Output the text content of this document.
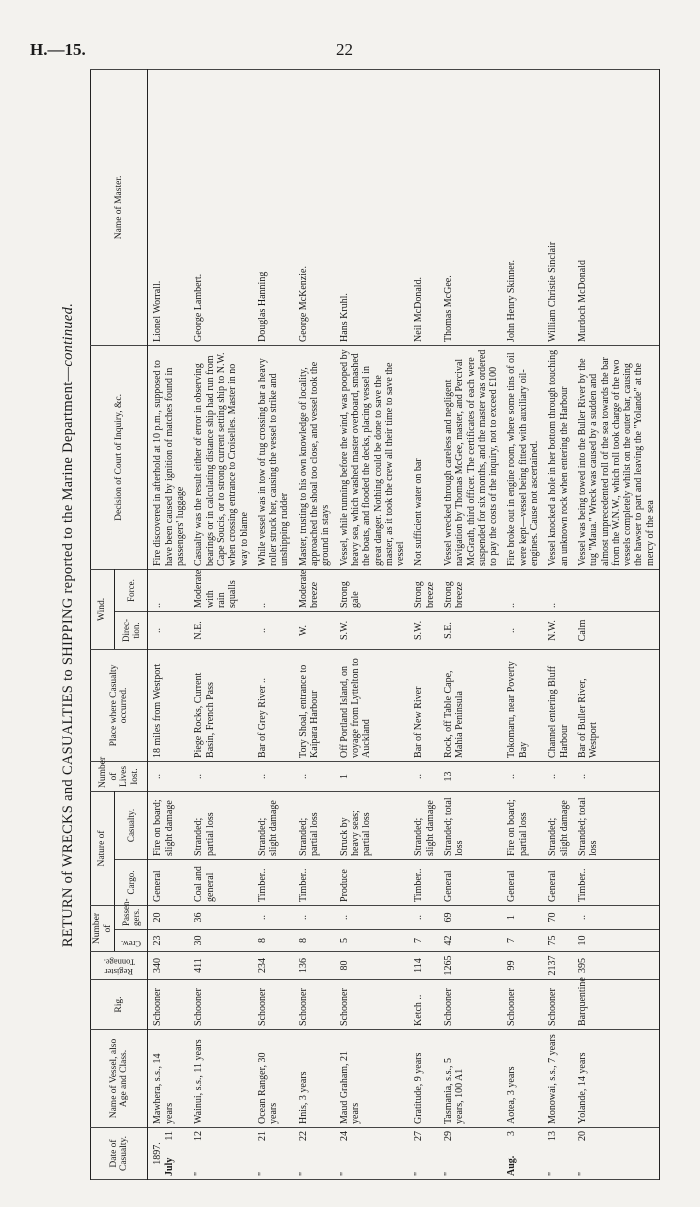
H.—15.	22
RETURN of WRECKS and CASUALTIES to SHIPPING reported to the Marine Department—continued.
Date of Casualty.	Name of Vessel, also Age and Class.	Rig.	Register Tonnage.	Number of		Nature of		Number of Lives lost.	Place where Casualty occurred.	Wind.		Decision of Court of Inquiry, &c.	Name of Master.

				Crew.	Passen-gers.	Cargo.	Casualty.			Direc-tion.	Force.		

1897.
July
11	Mawhera, s.s., 14 years	Schooner	340	23	20	General	Fire on board; slight damage	..	18 miles from Westport	..	..	Fire discovered in afterhold at 10 p.m., supposed to have been caused by ignition of matches found in passengers' luggage	Lionel Worrall.

"
12	Wainui, s.s., 11 years	Schooner	411	30	36	Coal and general	Stranded; partial loss	..	Piege Rocks, Current Basin, French Pass	N.E.	Moderate with rain squalls	Casualty was the result either of error in observing bearings or in calculating distance ship had run from Cape Soucis, or to strong current setting ship to N.W. when crossing entrance to Croiselles. Master in no way to blame	George Lambert.

"
21	Ocean Ranger, 30 years	Schooner	234	8	..	Timber..	Stranded; slight damage	..	Bar of Grey River ..	..	..	While vessel was in tow of tug crossing bar a heavy roller struck her, causing the vessel to strike and unshipping rudder	Douglas Hanning

"
22	Hnis, 3 years	Schooner	136	8	..	Timber..	Stranded; partial loss	..	Tory Shoal, entrance to Kaipara Harbour	W.	Moderate breeze	Master, trusting to his own knowledge of locality, approached the shoal too close, and vessel took the ground in stays	George McKenzie.

"
24	Maud Graham, 21 years	Schooner	80	5	..	Produce	Struck by heavy seas; partial loss	1	Off Portland Island, on voyage from Lyttelton to Auckland	S.W.	Strong gale	Vessel, while running before the wind, was pooped by heavy sea, which washed master overboard, smashed the boats, and flooded the decks, placing vessel in great danger. Nothing could be done to save the master, as it took the crew all their time to save the vessel	Hans Kruhl.

"
27	Gratitude, 9 years	Ketch ..	114	7	..	Timber..	Stranded; slight damage	..	Bar of New River	S.W.	Strong breeze	Not sufficient water on bar	Neil McDonald.

"
29	Tasmania, s.s., 5 years, 100 A1	Schooner	1265	42	69	General	Stranded; total loss	13	Rock, off Table Cape, Mahia Peninsula	S.E.	Strong breeze	Vessel wrecked through careless and negligent navigation by Thomas McGee, master, and Percival McGrath, third officer. The certificates of each were suspended for six months, and the master was ordered to pay the costs of the inquiry, not to exceed £100	Thomas McGee.

Aug.
3	Aotea, 3 years	Schooner	99	7	1	General	Fire on board; partial loss	..	Tokomaru, near Poverty Bay	..	..	Fire broke out in engine room, where some tins of oil were kept—vessel being fitted with auxiliary oil-engines. Cause not ascertained.	John Henry Skinner.

"
13	Monowai, s.s., 7 years	Schooner	2137	75	70	General	Stranded; slight damage	..	Channel entering Bluff Harbour	N.W.	..	Vessel knocked a hole in her bottom through touching an unknown rock when entering the Harbour	William Christie Sinclair

"
20	Yolande, 14 years	Barquentine	395	10	..	Timber..	Stranded; total loss	..	Bar of Buller River, Westport	Calm		Vessel was being towed into the Buller River by the tug "Maua." Wreck was caused by a sudden and almost unprecedented roll of the sea towards the bar from the W.N.W., which roll took charge of the two vessels completely whilst on the outer bar, causing the hawser to part and leaving the "Yolande" at the mercy of the sea	Murdoch McDonald
